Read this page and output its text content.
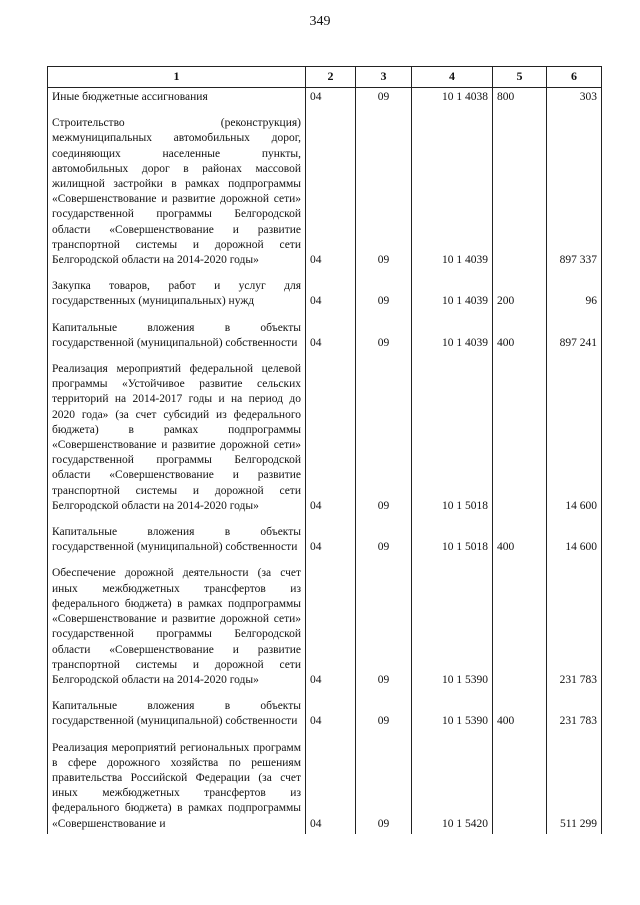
349
1	2	3	4	5	6
Иные бюджетные ассигнования	04	09	10 1 4038	800	303

Строительство (реконструкция) межмуниципальных автомобильных дорог, соединяющих населенные пункты, автомобильных дорог в районах массовой жилищной застройки в рамках подпрограммы «Совершенствование и развитие дорожной сети» государственной программы Белгородской области «Совершенствование и развитие транспортной системы и дорожной сети Белгородской области на 2014-2020 годы»	04	09	10 1 4039		897 337

Закупка товаров, работ и услуг для государственных (муниципальных) нужд	04	09	10 1 4039	200	96

Капитальные вложения в объекты государственной (муниципальной) собственности	04	09	10 1 4039	400	897 241

Реализация мероприятий федеральной целевой программы «Устойчивое развитие сельских территорий на 2014-2017 годы и на период до 2020 года» (за счет субсидий из федерального бюджета) в рамках подпрограммы «Совершенствование и развитие дорожной сети» государственной программы Белгородской области «Совершенствование и развитие транспортной системы и дорожной сети Белгородской области на 2014-2020 годы»	04	09	10 1 5018		14 600

Капитальные вложения в объекты государственной (муниципальной) собственности	04	09	10 1 5018	400	14 600

Обеспечение дорожной деятельности (за счет иных межбюджетных трансфертов из федерального бюджета) в рамках подпрограммы «Совершенствование и развитие дорожной сети» государственной программы Белгородской области «Совершенствование и развитие транспортной системы и дорожной сети Белгородской области на 2014-2020 годы»	04	09	10 1 5390		231 783

Капитальные вложения в объекты государственной (муниципальной) собственности	04	09	10 1 5390	400	231 783

Реализация мероприятий региональных программ в сфере дорожного хозяйства по решениям правительства Российской Федерации (за счет иных межбюджетных трансфертов из федерального бюджета) в рамках подпрограммы «Совершенствование и	04	09	10 1 5420		511 299
